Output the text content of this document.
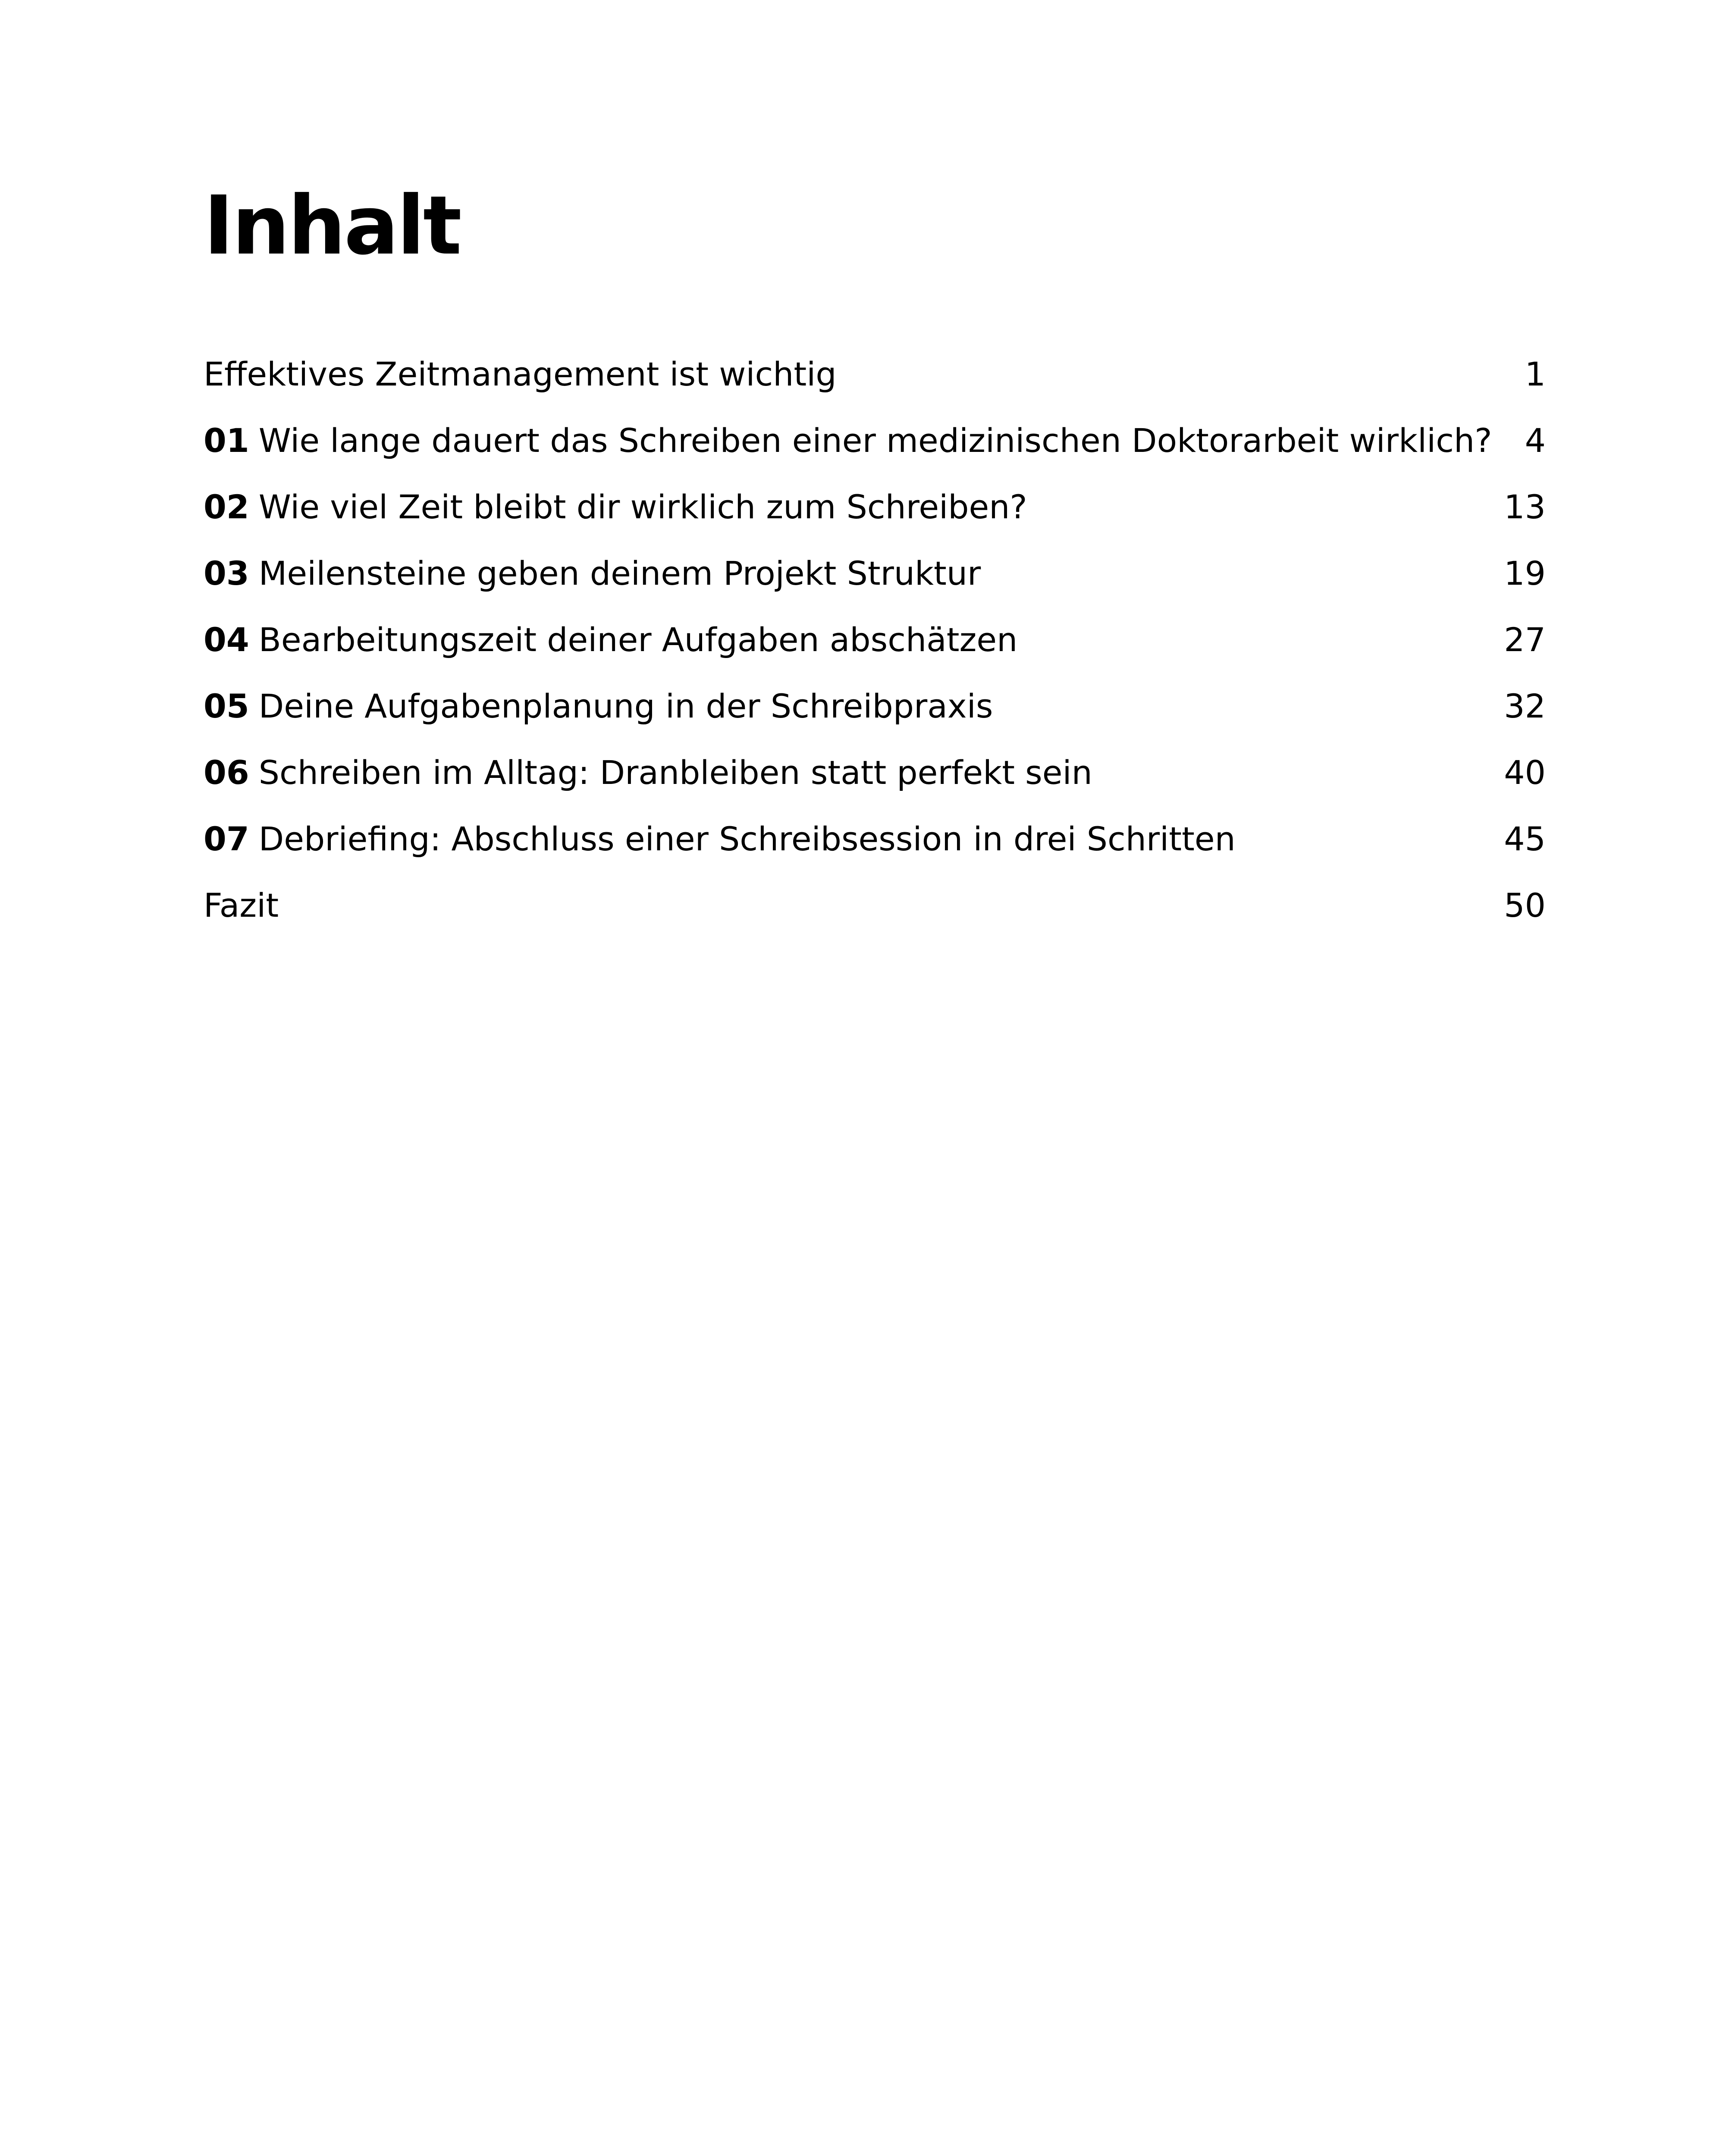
Inhalt
Effektives Zeitmanagement ist wichtig	1
01 Wie lange dauert das Schreiben einer medizinischen Doktorarbeit wirklich?	4
02 Wie viel Zeit bleibt dir wirklich zum Schreiben?	13
03 Meilensteine geben deinem Projekt Struktur	19
04 Bearbeitungszeit deiner Aufgaben abschätzen	27
05 Deine Aufgabenplanung in der Schreibpraxis	32
06 Schreiben im Alltag: Dranbleiben statt perfekt sein	40
07 Debriefing: Abschluss einer Schreibsession in drei Schritten	45
Fazit	50
